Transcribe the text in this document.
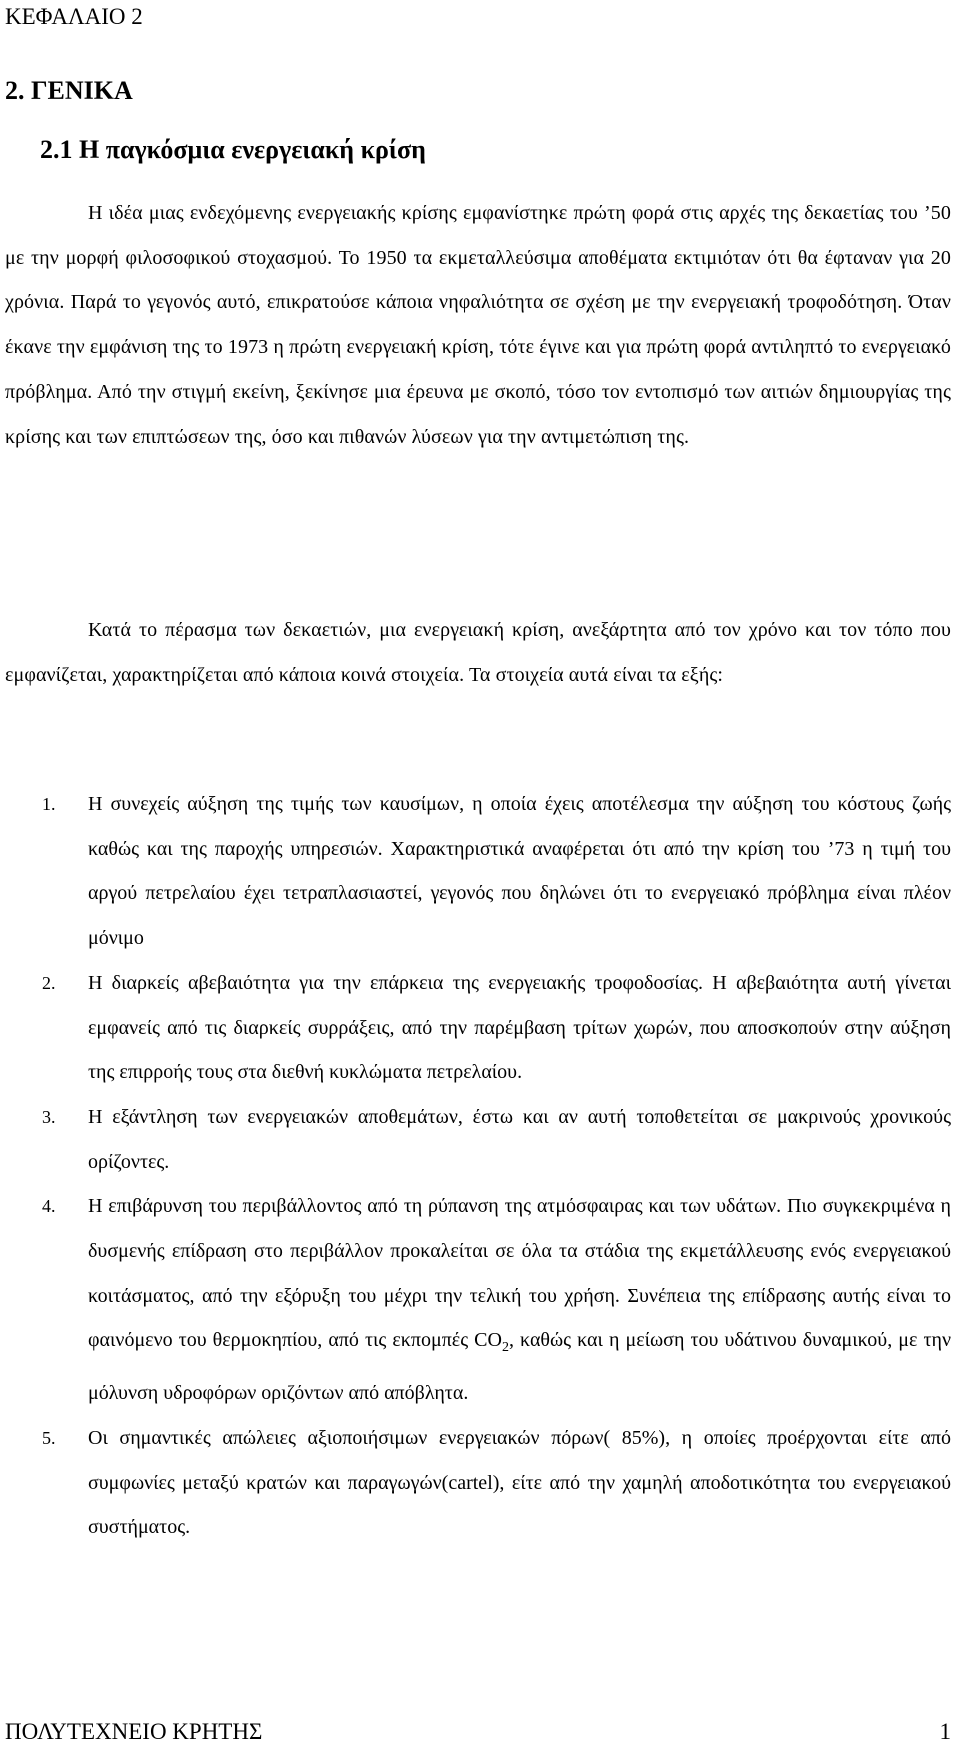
ΚΕΦΑΛΑΙΟ 2
2. ΓΕΝΙΚΑ
2.1 Η παγκόσμια ενεργειακή κρίση
Η ιδέα μιας ενδεχόμενης ενεργειακής κρίσης εμφανίστηκε πρώτη φορά στις αρχές της δεκαετίας του ’50 με την μορφή φιλοσοφικού στοχασμού. Το 1950 τα εκμεταλλεύσιμα αποθέματα εκτιμιόταν ότι θα έφταναν για 20 χρόνια. Παρά το γεγονός αυτό, επικρατούσε κάποια νηφαλιότητα σε σχέση με την ενεργειακή τροφοδότηση. Όταν έκανε την εμφάνιση της το 1973 η πρώτη ενεργειακή κρίση, τότε έγινε και για πρώτη φορά αντιληπτό το ενεργειακό πρόβλημα. Από την στιγμή εκείνη, ξεκίνησε μια έρευνα με σκοπό, τόσο τον εντοπισμό των αιτιών δημιουργίας της κρίσης και των επιπτώσεων της, όσο και πιθανών λύσεων για την αντιμετώπιση της.
Κατά το πέρασμα των δεκαετιών, μια ενεργειακή κρίση, ανεξάρτητα από τον χρόνο και τον τόπο που εμφανίζεται, χαρακτηρίζεται από κάποια κοινά στοιχεία. Τα στοιχεία αυτά είναι τα εξής:
1. Η συνεχείς αύξηση της τιμής των καυσίμων, η οποία έχεις αποτέλεσμα την αύξηση του κόστους ζωής καθώς και της παροχής υπηρεσιών. Χαρακτηριστικά αναφέρεται ότι από την κρίση του ’73 η τιμή του αργού πετρελαίου έχει τετραπλασιαστεί, γεγονός που δηλώνει ότι το ενεργειακό πρόβλημα είναι πλέον μόνιμο
2. Η διαρκείς αβεβαιότητα για την επάρκεια της ενεργειακής τροφοδοσίας. Η αβεβαιότητα αυτή γίνεται εμφανείς από τις διαρκείς συρράξεις, από την παρέμβαση τρίτων χωρών, που αποσκοπούν στην αύξηση της επιρροής τους στα διεθνή κυκλώματα πετρελαίου.
3. Η εξάντληση των ενεργειακών αποθεμάτων, έστω και αν αυτή τοποθετείται σε μακρινούς χρονικούς ορίζοντες.
4. Η επιβάρυνση του περιβάλλοντος από τη ρύπανση της ατμόσφαιρας και των υδάτων. Πιο συγκεκριμένα η δυσμενής επίδραση στο περιβάλλον προκαλείται σε όλα τα στάδια της εκμετάλλευσης ενός ενεργειακού κοιτάσματος, από την εξόρυξη του μέχρι την τελική του χρήση. Συνέπεια της επίδρασης αυτής είναι το φαινόμενο του θερμοκηπίου, από τις εκπομπές $CO_2$, καθώς και η μείωση του υδάτινου δυναμικού, με την μόλυνση υδροφόρων οριζόντων από απόβλητα.
5. Οι σημαντικές απώλειες αξιοποιήσιμων ενεργειακών πόρων( 85%), η οποίες προέρχονται είτε από συμφωνίες μεταξύ κρατών και παραγωγών(cartel), είτε από την χαμηλή αποδοτικότητα του ενεργειακού συστήματος.
ΠΟΛΥΤΕΧΝΕΙΟ ΚΡΗΤΗΣ	1
